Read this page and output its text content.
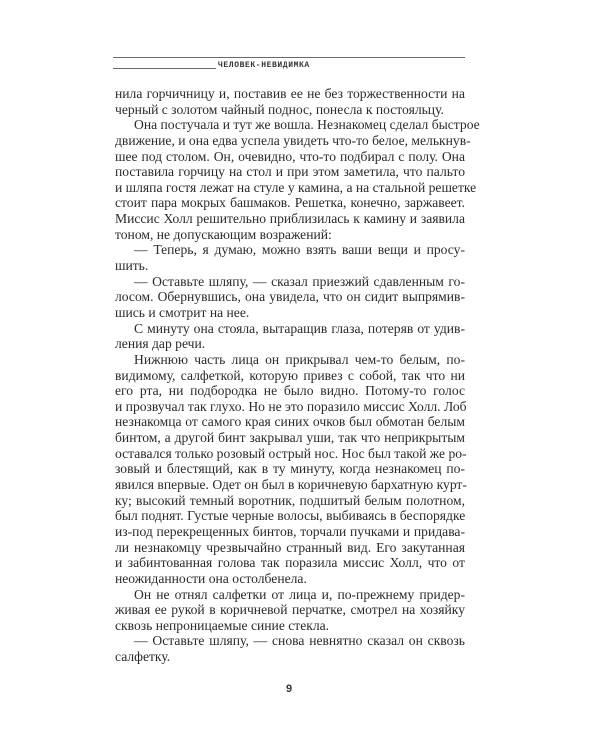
ЧЕЛОВЕК-НЕВИДИМКА
нила горчичницу и, поставив ее не без торжественности на
черный с золотом чайный поднос, понесла к постояльцу.
Она постучала и тут же вошла. Незнакомец сделал быстрое
движение, и она едва успела увидеть что-то белое, мелькнув-
шее под столом. Он, очевидно, что-то подбирал с полу. Она
поставила горчицу на стол и при этом заметила, что пальто
и шляпа гостя лежат на стуле у камина, а на стальной решетке
стоит пара мокрых башмаков. Решетка, конечно, заржавеет.
Миссис Холл решительно приблизилась к камину и заявила
тоном, не допускающим возражений:
— Теперь, я думаю, можно взять ваши вещи и просу-
шить.
— Оставьте шляпу, — сказал приезжий сдавленным го-
лосом. Обернувшись, она увидела, что он сидит выпрямив-
шись и смотрит на нее.
С минуту она стояла, вытаращив глаза, потеряв от удив-
ления дар речи.
Нижнюю часть лица он прикрывал чем-то белым, по-
видимому, салфеткой, которую привез с собой, так что ни
его рта, ни подбородка не было видно. Потому-то голос
и прозвучал так глухо. Но не это поразило миссис Холл. Лоб
незнакомца от самого края синих очков был обмотан белым
бинтом, а другой бинт закрывал уши, так что неприкрытым
оставался только розовый острый нос. Нос был такой же ро-
зовый и блестящий, как в ту минуту, когда незнакомец по-
явился впервые. Одет он был в коричневую бархатную курт-
ку; высокий темный воротник, подшитый белым полотном,
был поднят. Густые черные волосы, выбиваясь в беспорядке
из-под перекрещенных бинтов, торчали пучками и придава-
ли незнакомцу чрезвычайно странный вид. Его закутанная
и забинтованная голова так поразила миссис Холл, что от
неожиданности она остолбенела.
Он не отнял салфетки от лица и, по-прежнему придер-
живая ее рукой в коричневой перчатке, смотрел на хозяйку
сквозь непроницаемые синие стекла.
— Оставьте шляпу, — снова невнятно сказал он сквозь
салфетку.
9
